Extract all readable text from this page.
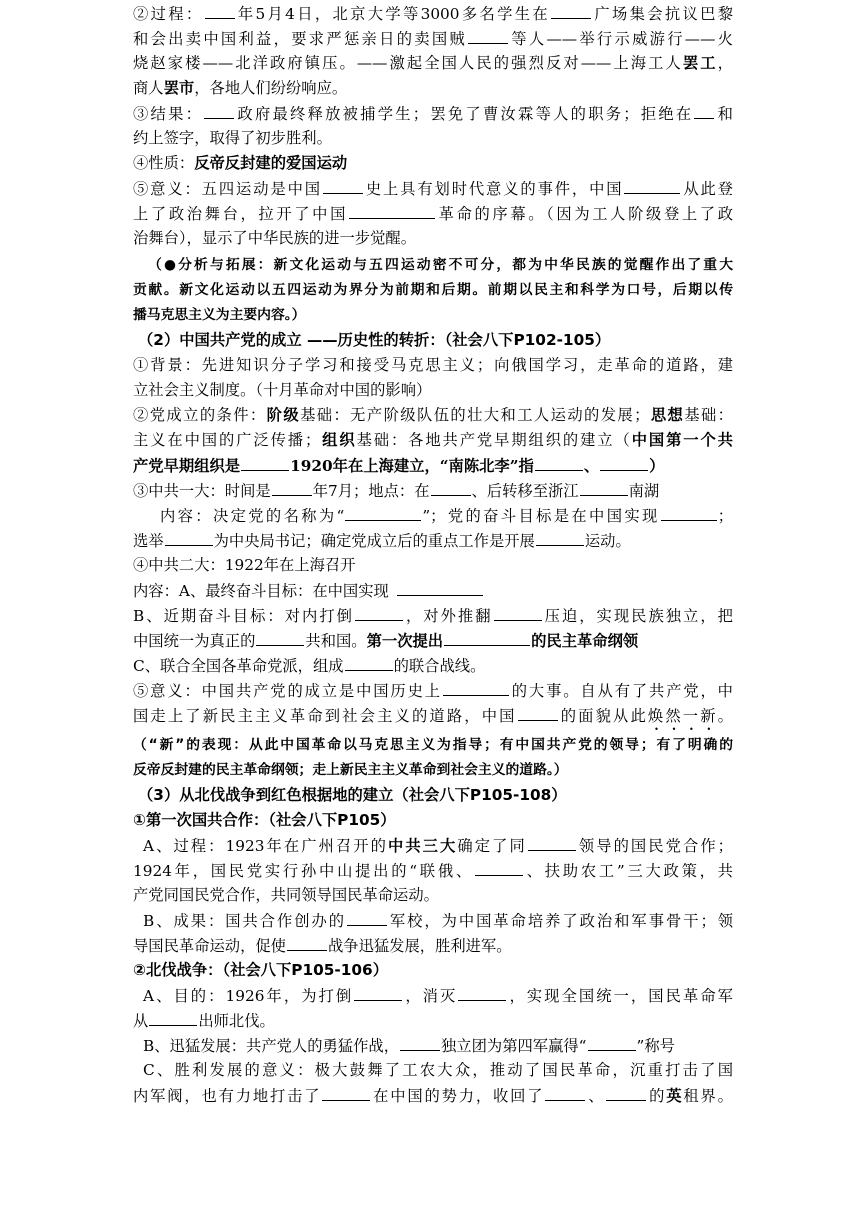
②过程： 年5月4日，北京大学等3000多名学生在	广场集会抗议巴黎
和会出卖中国利益，要求严惩亲日的卖国贼	等人——举行示威游行——火
烧赵家楼——北洋政府镇压。——激起全国人民的强烈反对——上海工人罢工，
商人罢市，各地人们纷纷响应。
③结果： 政府最终释放被捕学生；罢免了曹汝霖等人的职务；拒绝在 和
约上签字，取得了初步胜利。
④性质：反帝反封建的爱国运动
⑤意义：五四运动是中国	史上具有划时代意义的事件，中国	从此登
上了政治舞台，拉开了中国	革命的序幕。（因为工人阶级登上了政
治舞台），显示了中华民族的进一步觉醒。
（●分析与拓展：新文化运动与五四运动密不可分，都为中华民族的觉醒作出了重大
贡献。新文化运动以五四运动为界分为前期和后期。前期以民主和科学为口号，后期以传
播马克思主义为主要内容。）
（2）中国共产党的成立 ——历史性的转折：（社会八下P102-105）
①背景：先进知识分子学习和接受马克思主义；向俄国学习，走革命的道路，建
立社会主义制度。（十月革命对中国的影响）
②党成立的条件：阶级基础：无产阶级队伍的壮大和工人运动的发展；思想基础：
主义在中国的广泛传播；组织基础：各地共产党早期组织的建立（中国第一个共
产党早期组织是	1920年在上海建立，“南陈北李”指	、	）
③中共一大：时间是	年7月；地点：在	、后转移至浙江	南湖
内容：决定党的名称为“	”；党的奋斗目标是在中国实现	；
选举	为中央局书记；确定党成立后的重点工作是开展	运动。
④中共二大：1922年在上海召开
内容：A、最终奋斗目标：在中国实现
B、近期奋斗目标：对内打倒	，对外推翻	压迫，实现民族独立，把
中国统一为真正的	共和国。第一次提出	的民主革命纲领
C、联合全国各革命党派，组成	的联合战线。
⑤意义：中国共产党的成立是中国历史上	的大事。自从有了共产党，中
国走上了新民主主义革命到社会主义的道路，中国	的面貌从此焕然一新。
（“新”的表现：从此中国革命以马克思主义为指导；有中国共产党的领导；有了明确的
反帝反封建的民主革命纲领；走上新民主主义革命到社会主义的道路。）
（3）从北伐战争到红色根据地的建立（社会八下P105-108）
①第一次国共合作：（社会八下P105）
A、过程：1923年在广州召开的中共三大确定了同	领导的国民党合作；
1924年，国民党实行孙中山提出的“联俄、	、扶助农工”三大政策，共
产党同国民党合作，共同领导国民革命运动。
B、成果：国共合作创办的	军校，为中国革命培养了政治和军事骨干；领
导国民革命运动，促使	战争迅猛发展，胜利进军。
②北伐战争：（社会八下P105-106）
A、目的：1926年，为打倒	，消灭	，实现全国统一，国民革命军
从	出师北伐。
B、迅猛发展：共产党人的勇猛作战，	独立团为第四军赢得“	”称号
C、胜利发展的意义：极大鼓舞了工农大众，推动了国民革命，沉重打击了国
内军阀，也有力地打击了	在中国的势力，收回了	、	的英租界。
